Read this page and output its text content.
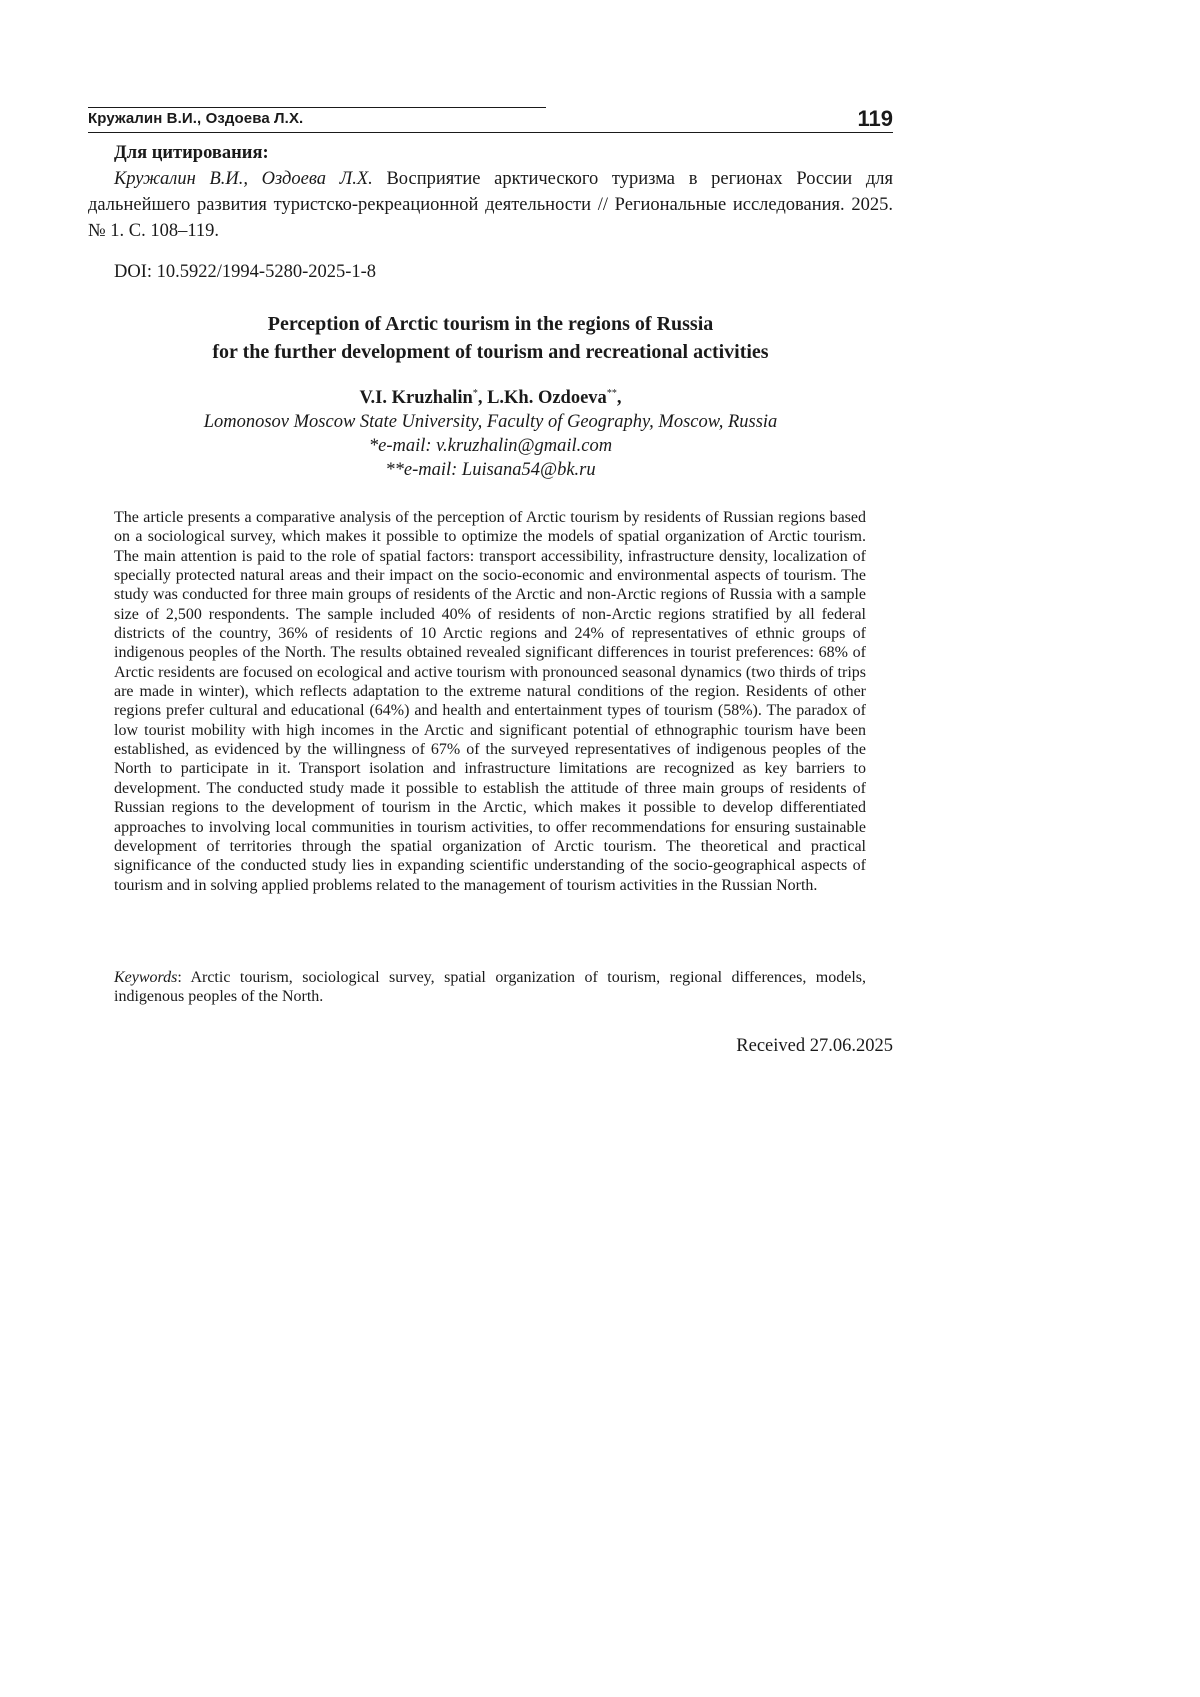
Кружалин В.И., Оздоева Л.Х.	119
Для цитирования:
Кружалин В.И., Оздоева Л.Х. Восприятие арктического туризма в регионах России для дальнейшего развития туристско-рекреационной деятельности // Региональные исследования. 2025. № 1. С. 108–119.
DOI: 10.5922/1994-5280-2025-1-8
Perception of Arctic tourism in the regions of Russia
for the further development of tourism and recreational activities
V.I. Kruzhalin*, L.Kh. Ozdoeva**,
Lomonosov Moscow State University, Faculty of Geography, Moscow, Russia
*e-mail: v.kruzhalin@gmail.com
**e-mail: Luisana54@bk.ru
The article presents a comparative analysis of the perception of Arctic tourism by residents of Russian regions based on a sociological survey, which makes it possible to optimize the models of spatial organization of Arctic tourism. The main attention is paid to the role of spatial factors: transport accessibility, infrastructure density, localization of specially protected natural areas and their impact on the socio-economic and environmental aspects of tourism. The study was conducted for three main groups of residents of the Arctic and non-Arctic regions of Russia with a sample size of 2,500 respondents. The sample included 40% of residents of non-Arctic regions stratified by all federal districts of the country, 36% of residents of 10 Arctic regions and 24% of representatives of ethnic groups of indigenous peoples of the North. The results obtained revealed significant differences in tourist preferences: 68% of Arctic residents are focused on ecological and active tourism with pronounced seasonal dynamics (two thirds of trips are made in winter), which reflects adaptation to the extreme natural conditions of the region. Residents of other regions prefer cultural and educational (64%) and health and entertainment types of tourism (58%). The paradox of low tourist mobility with high incomes in the Arctic and significant potential of ethnographic tourism have been established, as evidenced by the willingness of 67% of the surveyed representatives of indigenous peoples of the North to participate in it. Transport isolation and infrastructure limitations are recognized as key barriers to development. The conducted study made it possible to establish the attitude of three main groups of residents of Russian regions to the development of tourism in the Arctic, which makes it possible to develop differentiated approaches to involving local communities in tourism activities, to offer recommendations for ensuring sustainable development of territories through the spatial organization of Arctic tourism. The theoretical and practical significance of the conducted study lies in expanding scientific understanding of the socio-geographical aspects of tourism and in solving applied problems related to the management of tourism activities in the Russian North.
Keywords: Arctic tourism, sociological survey, spatial organization of tourism, regional differences, models, indigenous peoples of the North.
Received 27.06.2025
